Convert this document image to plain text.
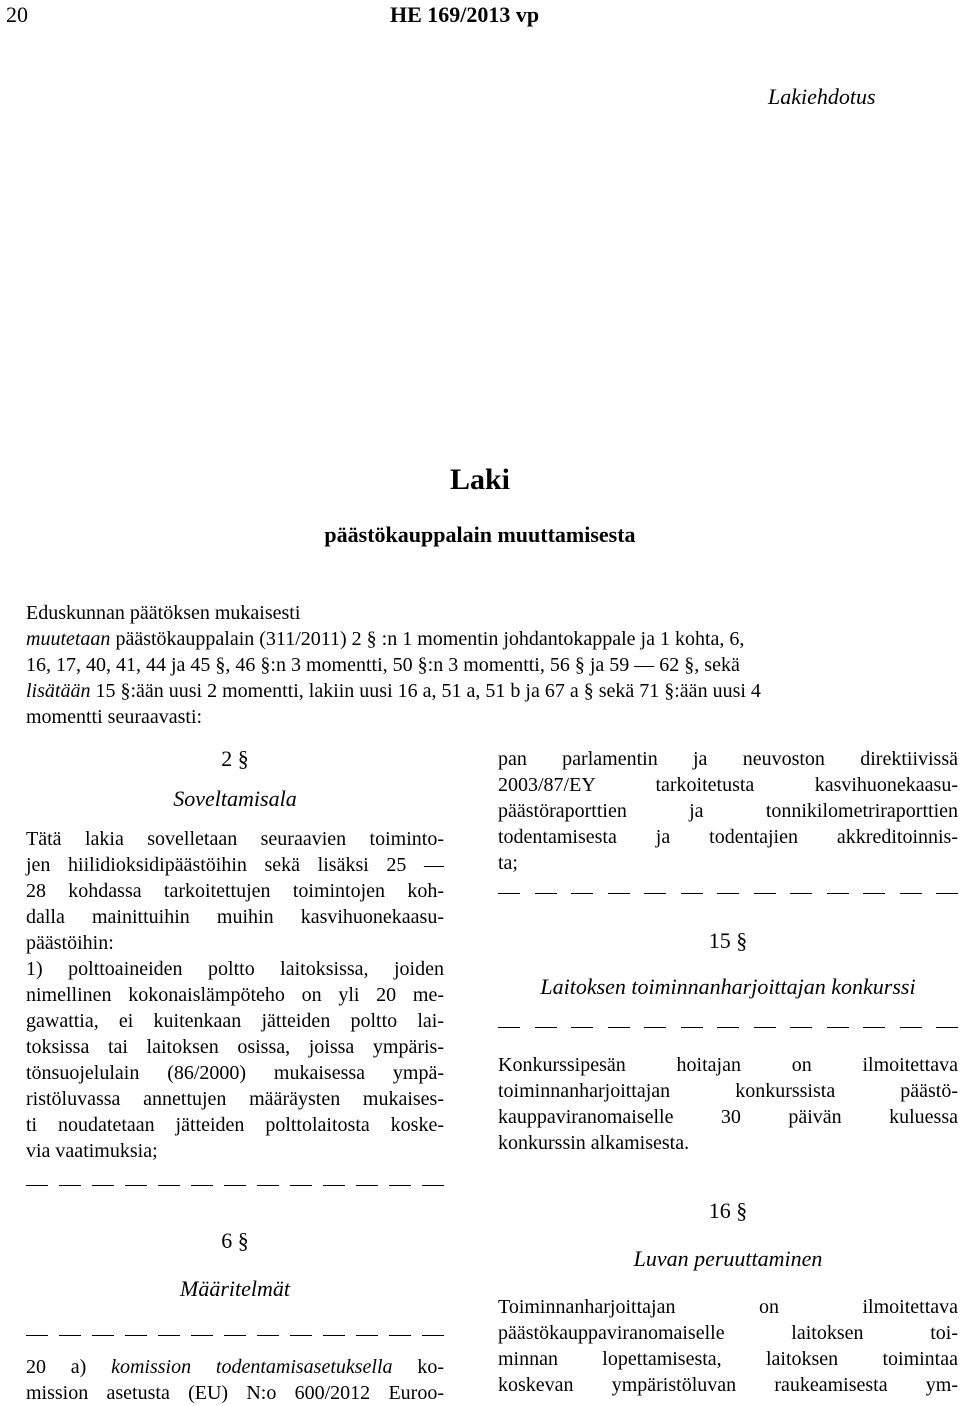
20	HE 169/2013 vp
Lakiehdotus
Laki
päästökauppalain muuttamisesta
Eduskunnan päätöksen mukaisesti
muutetaan päästökauppalain (311/2011) 2 § :n 1 momentin johdantokappale ja 1 kohta, 6,
16, 17, 40, 41, 44 ja 45 §, 46 §:n 3 momentti, 50 §:n 3 momentti, 56 § ja 59 — 62 §, sekä
lisätään 15 §:ään uusi 2 momentti, lakiin uusi 16 a, 51 a, 51 b ja 67 a § sekä 71 §:ään uusi 4
momentti seuraavasti:
2 §
Soveltamisala
Tätä lakia sovelletaan seuraavien toiminto-
jen hiilidioksidipäästöihin sekä lisäksi 25 —
28 kohdassa tarkoitettujen toimintojen koh-
dalla mainittuihin muihin kasvihuonekaasu-
päästöihin:
1) polttoaineiden poltto laitoksissa, joiden
nimellinen kokonaislämpöteho on yli 20 me-
gawattia, ei kuitenkaan jätteiden poltto lai-
toksissa tai laitoksen osissa, joissa ympäris-
tönsuojelulain (86/2000) mukaisessa ympä-
ristöluvassa annettujen määräysten mukaises-
ti noudatetaan jätteiden polttolaitosta koske-
via vaatimuksia;
6 §
Määritelmät
20 a) komission todentamisasetuksella ko-
mission asetusta (EU) N:o 600/2012 Euroo-
pan parlamentin ja neuvoston direktiivissä
2003/87/EY tarkoitetusta kasvihuonekaasu-
päästöraporttien ja tonnikilometriraporttien
todentamisesta ja todentajien akkreditoinnis-
ta;
15 §
Laitoksen toiminnanharjoittajan konkurssi
Konkurssipesän hoitajan on ilmoitettava
toiminnanharjoittajan konkurssista päästö-
kauppaviranomaiselle 30 päivän kuluessa
konkurssin alkamisesta.
16 §
Luvan peruuttaminen
Toiminnanharjoittajan on ilmoitettava
päästökauppaviranomaiselle laitoksen toi-
minnan lopettamisesta, laitoksen toimintaa
koskevan ympäristöluvan raukeamisesta ym-
